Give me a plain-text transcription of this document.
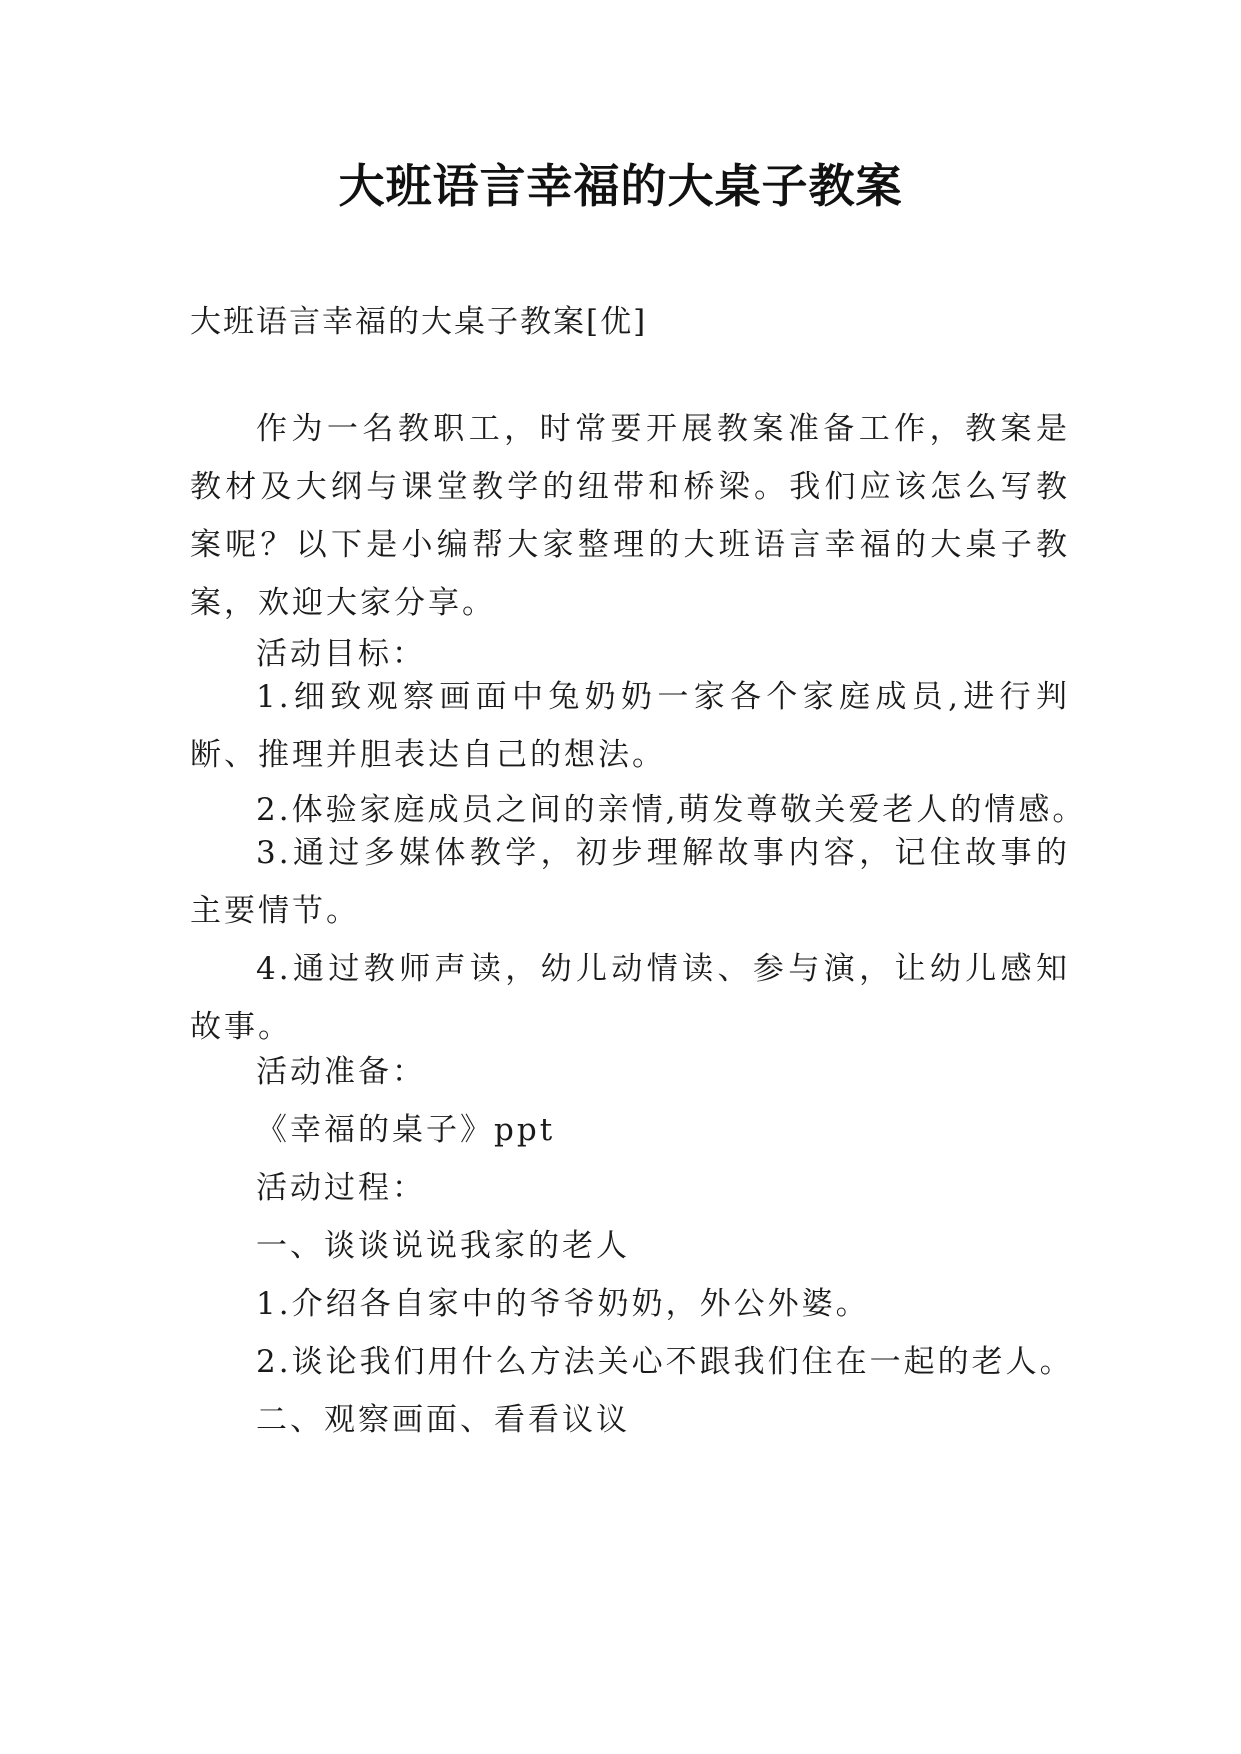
大班语言幸福的大桌子教案
大班语言幸福的大桌子教案[优]

作为一名教职工，时常要开展教案准备工作，教案是教材及大纲与课堂教学的纽带和桥梁。我们应该怎么写教案呢？以下是小编帮大家整理的大班语言幸福的大桌子教案，欢迎大家分享。

活动目标：

1.细致观察画面中兔奶奶一家各个家庭成员,进行判断、推理并胆表达自己的想法。

2.体验家庭成员之间的亲情,萌发尊敬关爱老人的情感。

3.通过多媒体教学，初步理解故事内容，记住故事的主要情节。

4.通过教师声读，幼儿动情读、参与演，让幼儿感知故事。

活动准备：

《幸福的桌子》ppt

活动过程：

一、谈谈说说我家的老人

1.介绍各自家中的爷爷奶奶，外公外婆。

2.谈论我们用什么方法关心不跟我们住在一起的老人。

二、观察画面、看看议议
